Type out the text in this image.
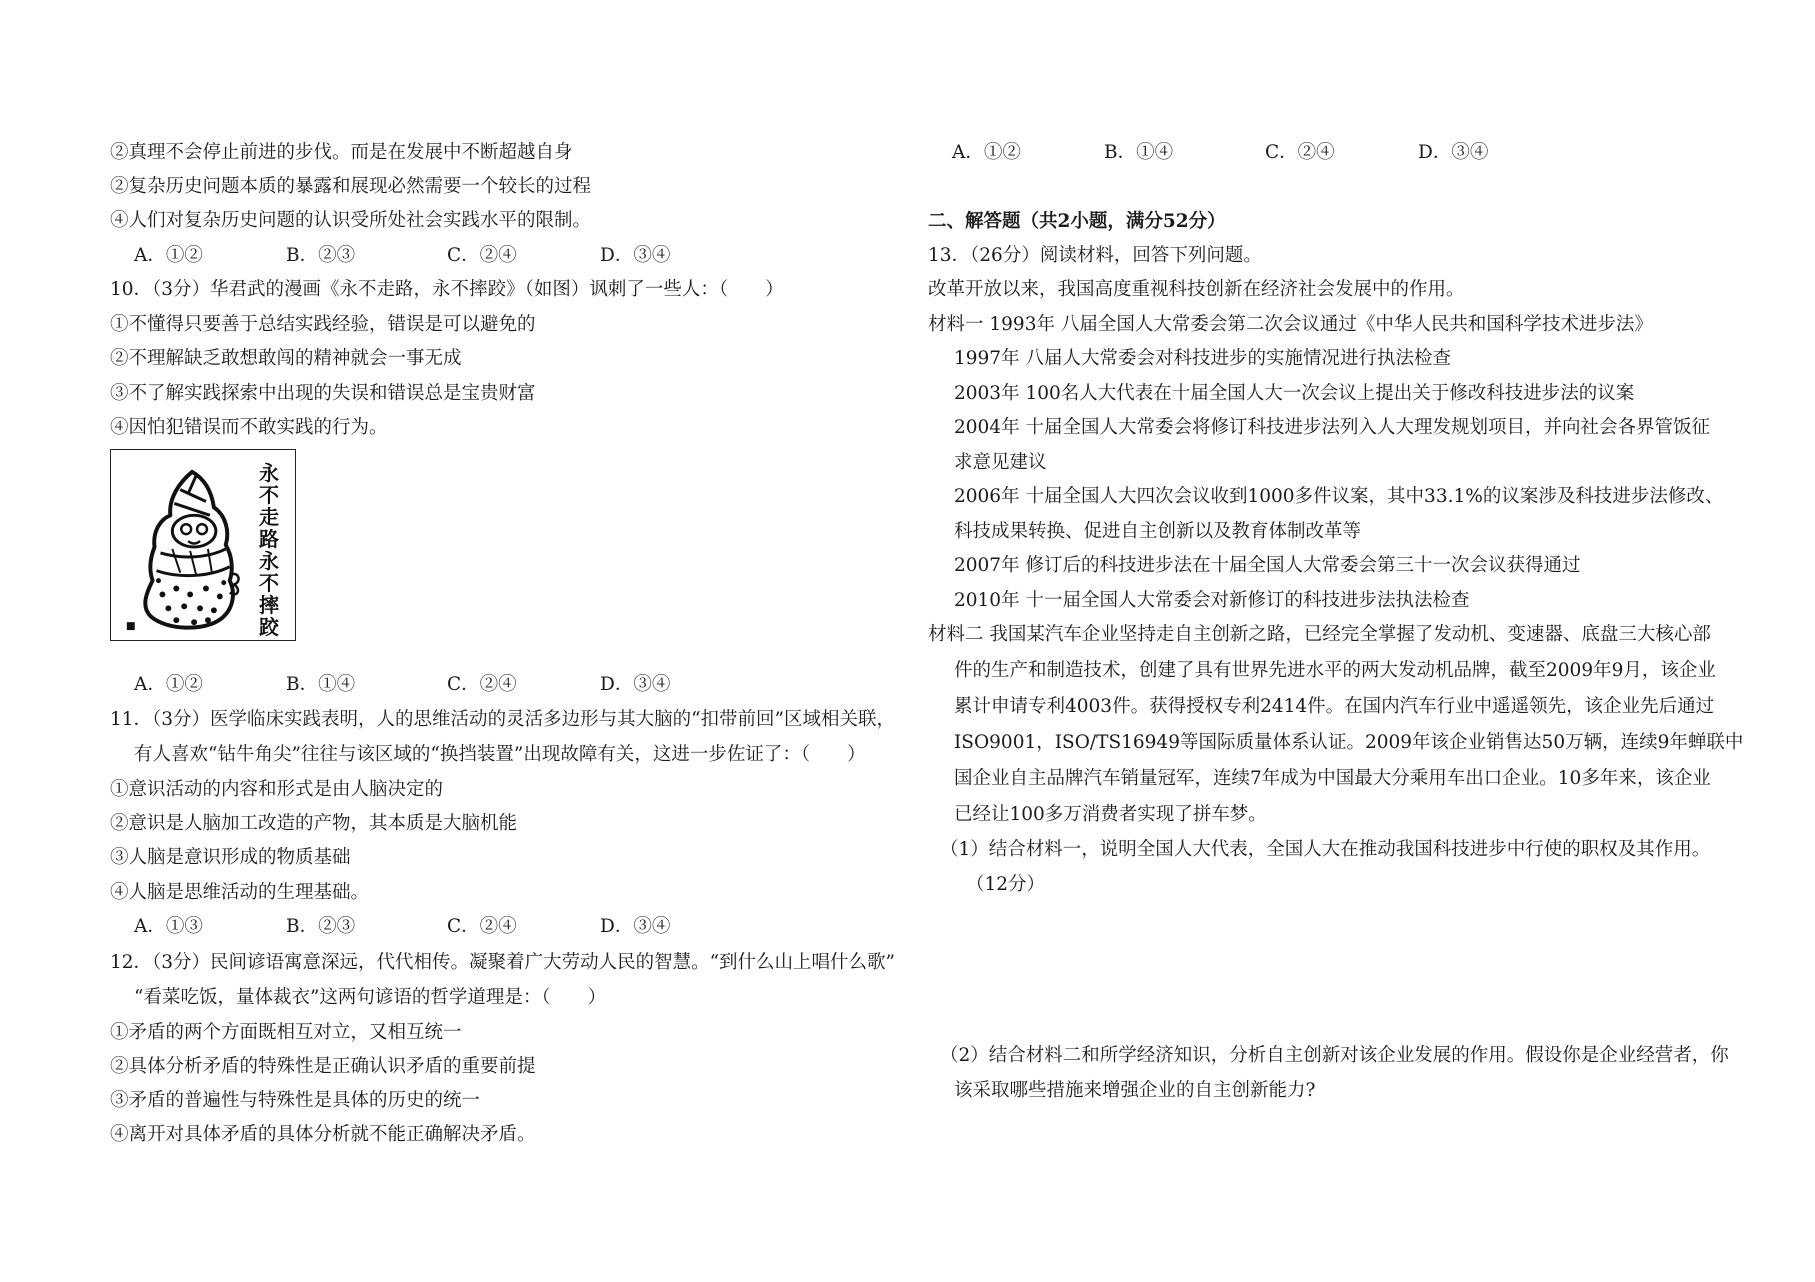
②真理不会停止前进的步伐。而是在发展中不断超越自身
②复杂历史问题本质的暴露和展现必然需要一个较长的过程
④人们对复杂历史问题的认识受所处社会实践水平的限制。
A．①②	B．②③	C．②④	D．③④
10．（3分）华君武的漫画《永不走路，永不摔跤》（如图）讽刺了一些人：（　　）
①不懂得只要善于总结实践经验，错误是可以避免的
②不理解缺乏敢想敢闯的精神就会一事无成
③不了解实践探索中出现的失误和错误总是宝贵财富
④因怕犯错误而不敢实践的行为。
永不走路 永不摔跤
A．①②	B．①④	C．②④	D．③④
11．（3分）医学临床实践表明，人的思维活动的灵活多边形与其大脑的“扣带前回”区域相关联，
有人喜欢“钻牛角尖”往往与该区域的“换挡装置”出现故障有关，这进一步佐证了：（　　）
①意识活动的内容和形式是由人脑决定的
②意识是人脑加工改造的产物，其本质是大脑机能
③人脑是意识形成的物质基础
④人脑是思维活动的生理基础。
A．①③	B．②③	C．②④	D．③④
12．（3分）民间谚语寓意深远，代代相传。凝聚着广大劳动人民的智慧。“到什么山上唱什么歌”
“看菜吃饭，量体裁衣”这两句谚语的哲学道理是：（　　）
①矛盾的两个方面既相互对立，又相互统一
②具体分析矛盾的特殊性是正确认识矛盾的重要前提
③矛盾的普遍性与特殊性是具体的历史的统一
④离开对具体矛盾的具体分析就不能正确解决矛盾。
A．①②	B．①④	C．②④	D．③④
二、解答题（共2小题，满分52分）
13．（26分）阅读材料，回答下列问题。
改革开放以来，我国高度重视科技创新在经济社会发展中的作用。
材料一 1993年 八届全国人大常委会第二次会议通过《中华人民共和国科学技术进步法》
1997年 八届人大常委会对科技进步的实施情况进行执法检查
2003年 100名人大代表在十届全国人大一次会议上提出关于修改科技进步法的议案
2004年 十届全国人大常委会将修订科技进步法列入人大理发规划项目，并向社会各界管饭征
求意见建议
2006年 十届全国人大四次会议收到1000多件议案，其中33.1%的议案涉及科技进步法修改、
科技成果转换、促进自主创新以及教育体制改革等
2007年 修订后的科技进步法在十届全国人大常委会第三十一次会议获得通过
2010年 十一届全国人大常委会对新修订的科技进步法执法检查
材料二 我国某汽车企业坚持走自主创新之路，已经完全掌握了发动机、变速器、底盘三大核心部
件的生产和制造技术，创建了具有世界先进水平的两大发动机品牌，截至2009年9月，该企业
累计申请专利4003件。获得授权专利2414件。在国内汽车行业中遥遥领先，该企业先后通过
ISO9001，ISO/TS16949等国际质量体系认证。2009年该企业销售达50万辆，连续9年蝉联中
国企业自主品牌汽车销量冠军，连续7年成为中国最大分乘用车出口企业。10多年来，该企业
已经让100多万消费者实现了拼车梦。
（1）结合材料一，说明全国人大代表，全国人大在推动我国科技进步中行使的职权及其作用。
（12分）
（2）结合材料二和所学经济知识，分析自主创新对该企业发展的作用。假设你是企业经营者，你
该采取哪些措施来增强企业的自主创新能力?
